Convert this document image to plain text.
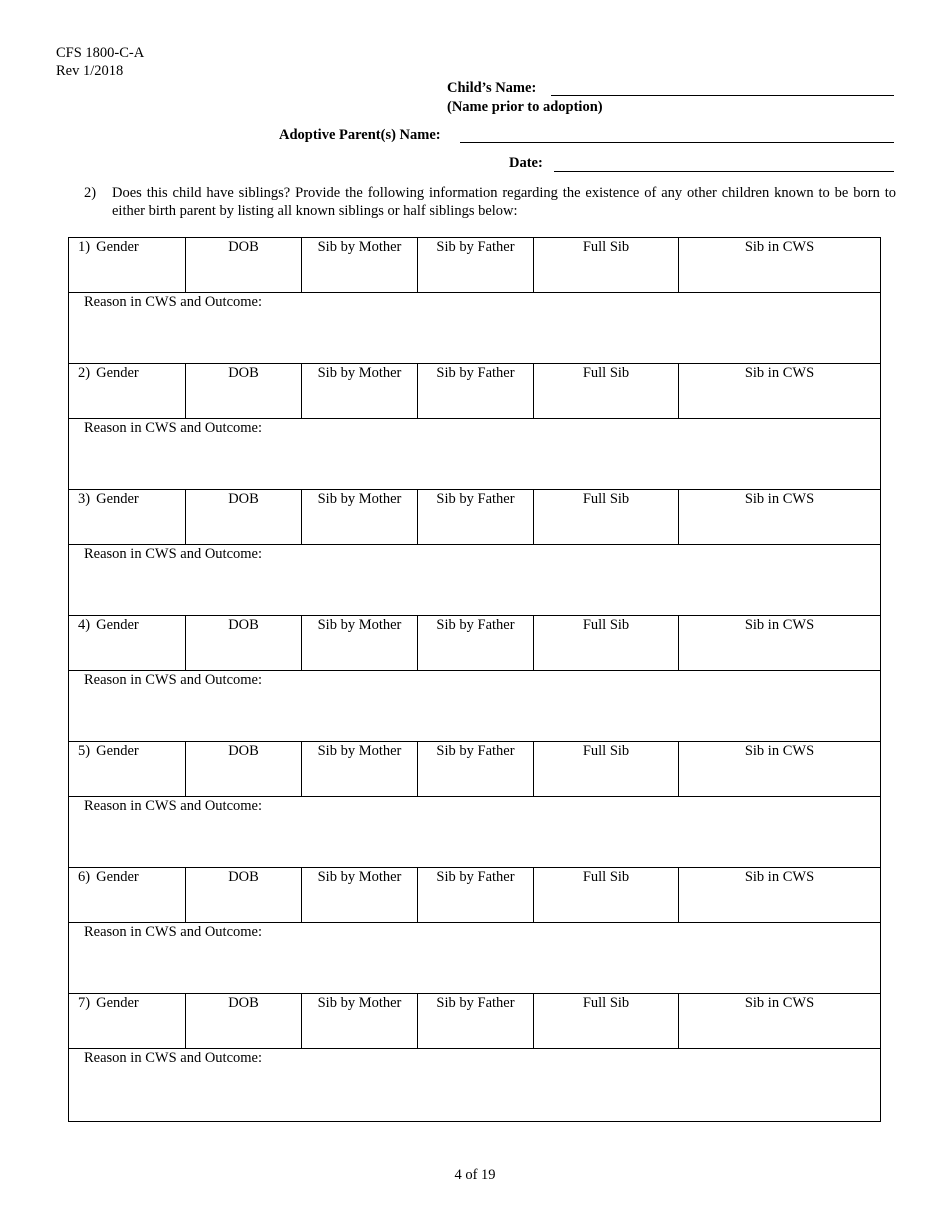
CFS 1800-C-A
Rev 1/2018
Child’s Name:
(Name prior to adoption)
Adoptive Parent(s) Name:
Date:
2) Does this child have siblings? Provide the following information regarding the existence of any other children known to be born to either birth parent by listing all known siblings or half siblings below:
1) Gender	DOB	Sib by Mother	Sib by Father	Full Sib	Sib in CWS
Reason in CWS and Outcome:
2) Gender	DOB	Sib by Mother	Sib by Father	Full Sib	Sib in CWS
Reason in CWS and Outcome:
3) Gender	DOB	Sib by Mother	Sib by Father	Full Sib	Sib in CWS
Reason in CWS and Outcome:
4) Gender	DOB	Sib by Mother	Sib by Father	Full Sib	Sib in CWS
Reason in CWS and Outcome:
5) Gender	DOB	Sib by Mother	Sib by Father	Full Sib	Sib in CWS
Reason in CWS and Outcome:
6) Gender	DOB	Sib by Mother	Sib by Father	Full Sib	Sib in CWS
Reason in CWS and Outcome:
7) Gender	DOB	Sib by Mother	Sib by Father	Full Sib	Sib in CWS
Reason in CWS and Outcome:
4 of 19
